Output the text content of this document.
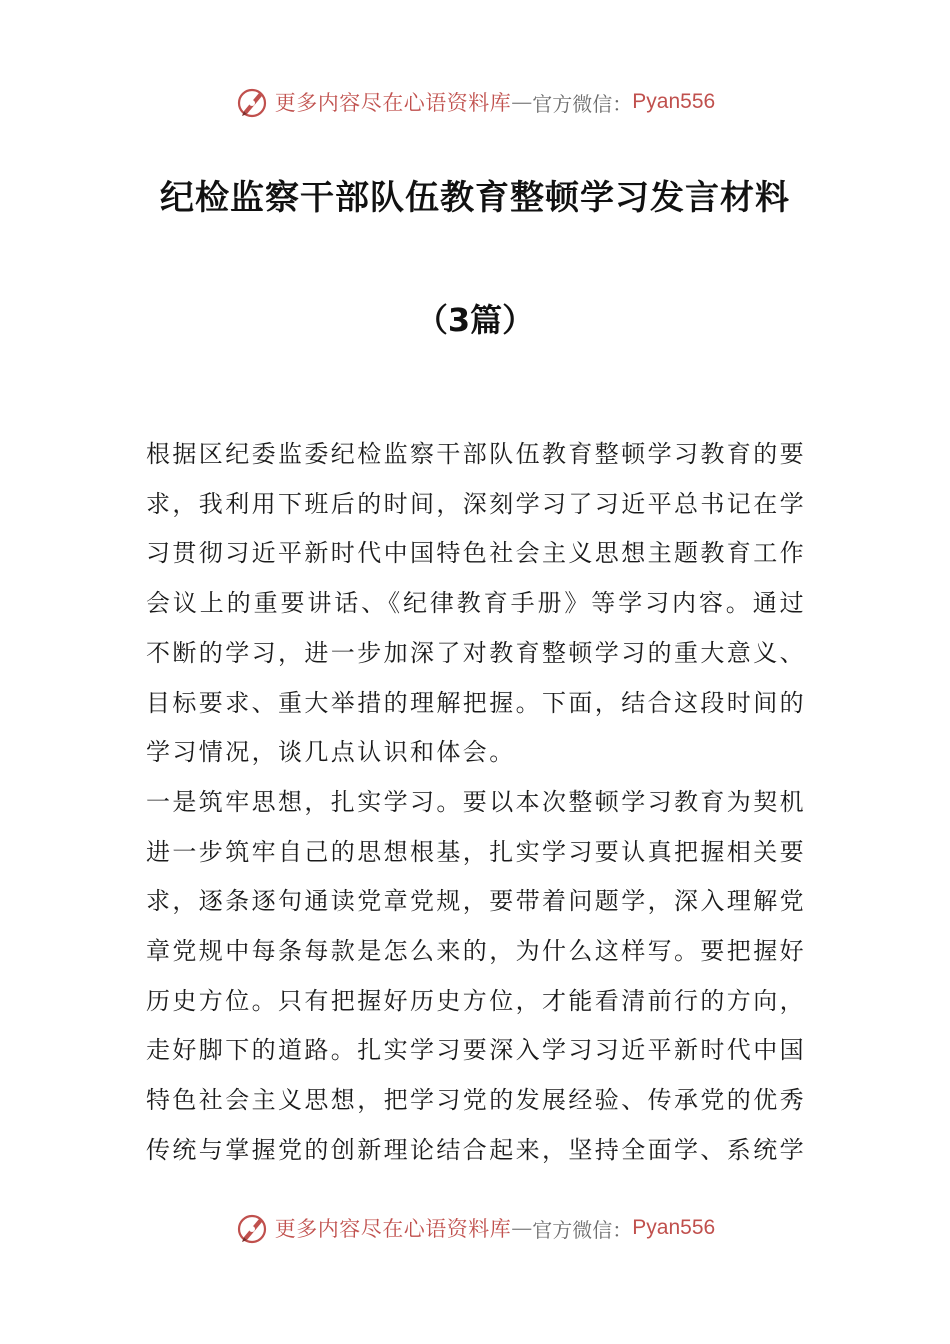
更多内容尽在心语资料库 — 官方微信： Pyan556
纪检监察干部队伍教育整顿学习发言材料
（3篇）

根据区纪委监委纪检监察干部队伍教育整顿学习教育的要求，我利用下班后的时间，深刻学习了习近平总书记在学习贯彻习近平新时代中国特色社会主义思想主题教育工作会议上的重要讲话、《纪律教育手册》等学习内容。通过不断的学习，进一步加深了对教育整顿学习的重大意义、目标要求、重大举措的理解把握。下面，结合这段时间的学习情况，谈几点认识和体会。

一是筑牢思想，扎实学习。要以本次整顿学习教育为契机进一步筑牢自己的思想根基，扎实学习要认真把握相关要求，逐条逐句通读党章党规，要带着问题学，深入理解党章党规中每条每款是怎么来的，为什么这样写。要把握好历史方位。只有把握好历史方位，才能看清前行的方向，走好脚下的道路。扎实学习要深入学习习近平新时代中国特色社会主义思想，把学习党的发展经验、传承党的优秀传统与掌握党的创新理论结合起来，坚持全面学、系统学

更多内容尽在心语资料库 — 官方微信： Pyan556
